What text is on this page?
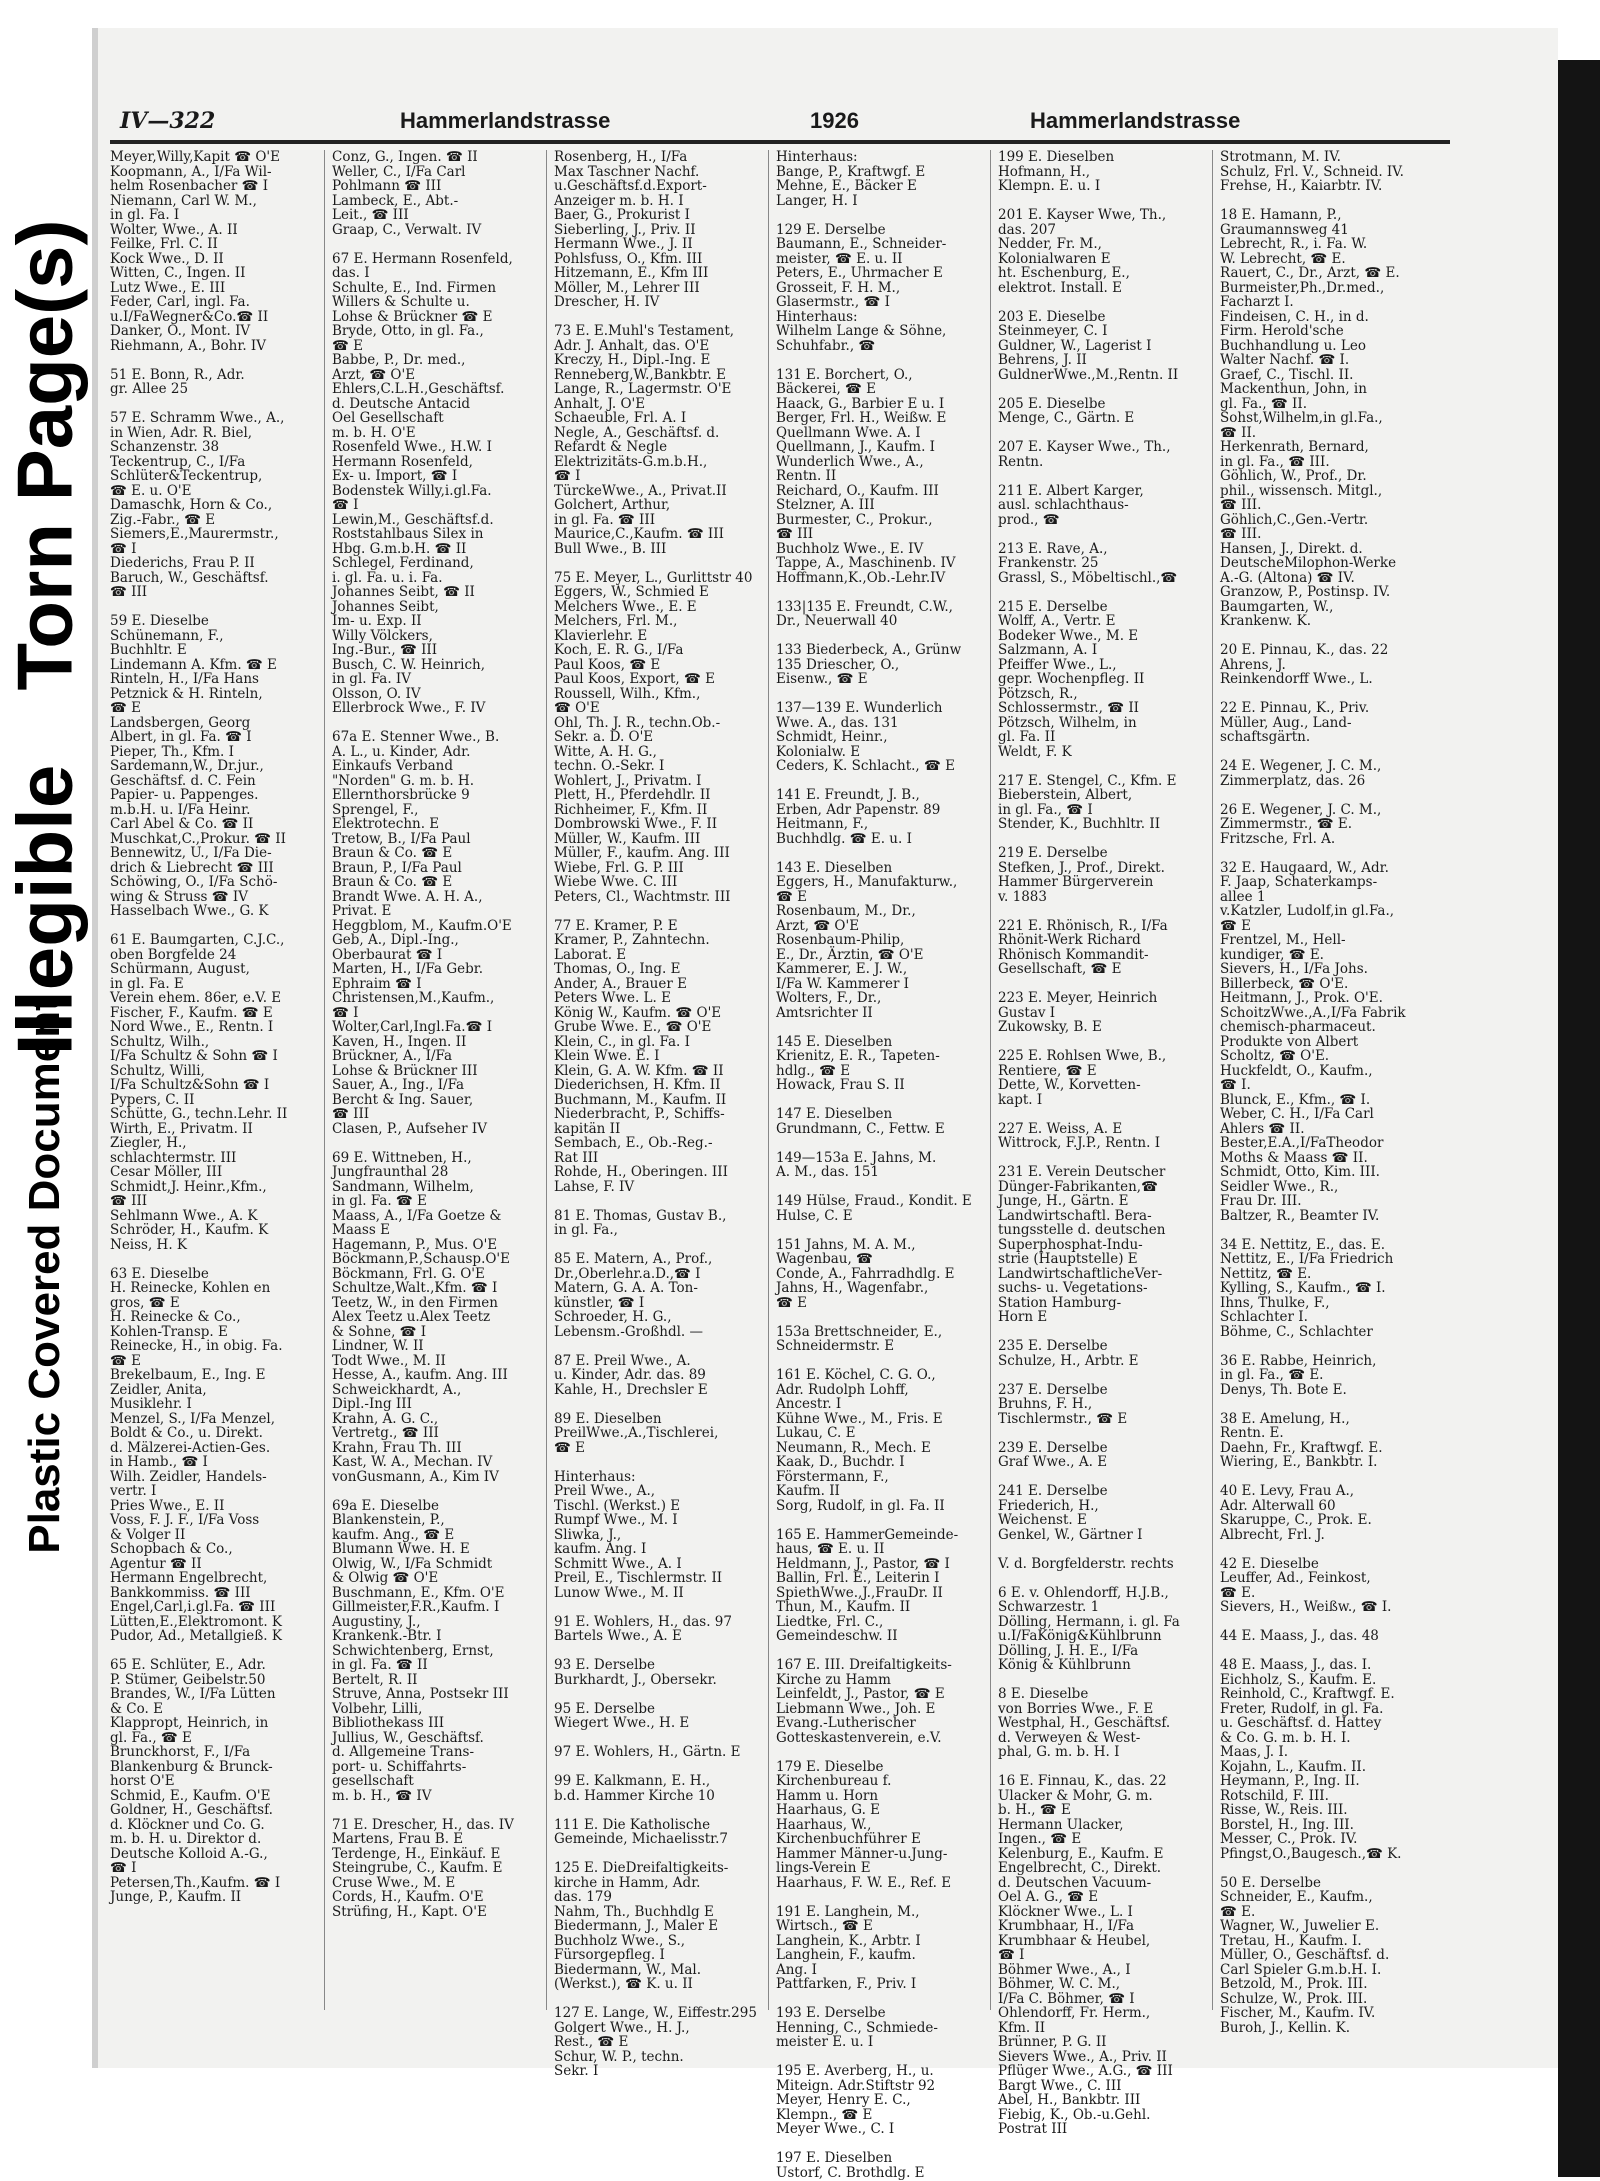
Plastic Covered Document
Illegible
Torn Page(s)
IV—322	Hammerlandstrasse	1926	Hammerlandstrasse
Meyer,Willy,Kapit ☎ O'E
Koopmann, A., I/Fa Wil-
helm Rosenbacher ☎ I
Niemann, Carl W. M.,
in gl. Fa. I
Wolter, Wwe., A. II
Feilke, Frl. C. II
Kock Wwe., D. II
Witten, C., Ingen. II
Lutz Wwe., E. III
Feder, Carl, ingl. Fa.
u.I/FaWegner&Co.☎ II
Danker, O., Mont. IV
Riehmann, A., Bohr. IV

51 E. Bonn, R., Adr.
gr. Allee 25

57 E. Schramm Wwe., A.,
in Wien, Adr. R. Biel,
Schanzenstr. 38
Teckentrup, C., I/Fa
Schlüter&Teckentrup,
☎ E. u. O'E
Damaschk, Horn & Co.,
Zig.-Fabr., ☎ E
Siemers,E.,Maurermstr.,
☎ I
Diederichs, Frau P. II
Baruch, W., Geschäftsf.
☎ III

59 E. Dieselbe
Schünemann, F.,
Buchhltr. E
Lindemann A. Kfm. ☎ E
Rinteln, H., I/Fa Hans
Petznick & H. Rinteln,
☎ E
Landsbergen, Georg
Albert, in gl. Fa. ☎ I
Pieper, Th., Kfm. I
Sardemann,W., Dr.jur.,
Geschäftsf. d. C. Fein
Papier- u. Pappenges.
m.b.H. u. I/Fa Heinr.
Carl Abel & Co. ☎ II
Muschkat,C.,Prokur. ☎ II
Bennewitz, U., I/Fa Die-
drich & Liebrecht ☎ III
Schöwing, O., I/Fa Schö-
wing & Struss ☎ IV
Hasselbach Wwe., G. K

61 E. Baumgarten, C.J.C.,
oben Borgfelde 24
Schürmann, August,
in gl. Fa. E
Verein ehem. 86er, e.V. E
Fischer, F., Kaufm. ☎ E
Nord Wwe., E., Rentn. I
Schultz, Wilh.,
I/Fa Schultz & Sohn ☎ I
Schultz, Willi,
I/Fa Schultz&Sohn ☎ I
Pypers, C. II
Schütte, G., techn.Lehr. II
Wirth, E., Privatm. II
Ziegler, H.,
schlachtermstr. III
Cesar Möller, III
Schmidt,J. Heinr.,Kfm.,
☎ III
Sehlmann Wwe., A. K
Schröder, H., Kaufm. K
Neiss, H. K

63 E. Dieselbe
H. Reinecke, Kohlen en
gros, ☎ E
H. Reinecke & Co.,
Kohlen-Transp. E
Reinecke, H., in obig. Fa.
☎ E
Brekelbaum, E., Ing. E
Zeidler, Anita,
Musiklehr. I
Menzel, S., I/Fa Menzel,
Boldt & Co., u. Direkt.
d. Mälzerei-Actien-Ges.
in Hamb., ☎ I
Wilh. Zeidler, Handels-
vertr. I
Pries Wwe., E. II
Voss, F. J. F., I/Fa Voss
& Volger II
Schopbach & Co.,
Agentur ☎ II
Hermann Engelbrecht,
Bankkommiss. ☎ III
Engel,Carl,i.gl.Fa. ☎ III
Lütten,E.,Elektromont. K
Pudor, Ad., Metallgieß. K

65 E. Schlüter, E., Adr.
P. Stümer, Geibelstr.50
Brandes, W., I/Fa Lütten
& Co. E
Klappropt, Heinrich, in
gl. Fa., ☎ E
Brunckhorst, F., I/Fa
Blankenburg & Brunck-
horst O'E
Schmid, E., Kaufm. O'E
Goldner, H., Geschäftsf.
d. Klöckner und Co. G.
m. b. H. u. Direktor d.
Deutsche Kolloid A.-G.,
☎ I
Petersen,Th.,Kaufm. ☎ I
Junge, P., Kaufm. II
Conz, G., Ingen. ☎ II
Weller, C., I/Fa Carl
Pohlmann ☎ III
Lambeck, E., Abt.-
Leit., ☎ III
Graap, C., Verwalt. IV

67 E. Hermann Rosenfeld,
das. I
Schulte, E., Ind. Firmen
Willers & Schulte u.
Lohse & Brückner ☎ E
Bryde, Otto, in gl. Fa.,
☎ E
Babbe, P., Dr. med.,
Arzt, ☎ O'E
Ehlers,C.L.H.,Geschäftsf.
d. Deutsche Antacid
Oel Gesellschaft
m. b. H. O'E
Rosenfeld Wwe., H.W. I
Hermann Rosenfeld,
Ex- u. Import, ☎ I
Bodenstek Willy,i.gl.Fa.
☎ I
Lewin,M., Geschäftsf.d.
Roststahlbaus Silex in
Hbg. G.m.b.H. ☎ II
Schlegel, Ferdinand,
i. gl. Fa. u. i. Fa.
Johannes Seibt, ☎ II
Johannes Seibt,
Im- u. Exp. II
Willy Völckers,
Ing.-Bur., ☎ III
Busch, C. W. Heinrich,
in gl. Fa. IV
Olsson, O. IV
Ellerbrock Wwe., F. IV

67a E. Stenner Wwe., B.
A. L., u. Kinder, Adr.
Einkaufs Verband
"Norden" G. m. b. H.
Ellernthorsbrücke 9
Sprengel, F.,
Elektrotechn. E
Tretow, B., I/Fa Paul
Braun & Co. ☎ E
Braun, P., I/Fa Paul
Braun & Co. ☎ E
Brandt Wwe. A. H. A.,
Privat. E
Heggblom, M., Kaufm.O'E
Geb, A., Dipl.-Ing.,
Oberbaurat ☎ I
Marten, H., I/Fa Gebr.
Ephraim ☎ I
Christensen,M.,Kaufm.,
☎ I
Wolter,Carl,Ingl.Fa.☎ I
Kaven, H., Ingen. II
Brückner, A., I/Fa
Lohse & Brückner III
Sauer, A., Ing., I/Fa
Bercht & Ing. Sauer,
☎ III
Clasen, P., Aufseher IV

69 E. Wittneben, H.,
Jungfraunthal 28
Sandmann, Wilhelm,
in gl. Fa. ☎ E
Maass, A., I/Fa Goetze &
Maass E
Hagemann, P., Mus. O'E
Böckmann,P.,Schausp.O'E
Böckmann, Frl. G. O'E
Schultze,Walt.,Kfm. ☎ I
Teetz, W., in den Firmen
Alex Teetz u.Alex Teetz
& Sohne, ☎ I
Lindner, W. II
Todt Wwe., M. II
Hesse, A., kaufm. Ang. III
Schweickhardt, A.,
Dipl.-Ing III
Krahn, A. G. C.,
Vertretg., ☎ III
Krahn, Frau Th. III
Kast, W. A., Mechan. IV
vonGusmann, A., Kim IV

69a E. Dieselbe
Blankenstein, P.,
kaufm. Ang., ☎ E
Blumann Wwe. H. E
Olwig, W., I/Fa Schmidt
& Olwig ☎ O'E
Buschmann, E., Kfm. O'E
Gillmeister,F.R.,Kaufm. I
Augustiny, J.,
Krankenk.-Btr. I
Schwichtenberg, Ernst,
in gl. Fa. ☎ II
Bertelt, R. II
Struve, Anna, Postsekr III
Volbehr, Lilli,
Bibliothekass III
Jullius, W., Geschäftsf.
d. Allgemeine Trans-
port- u. Schiffahrts-
gesellschaft
m. b. H., ☎ IV

71 E. Drescher, H., das. IV
Martens, Frau B. E
Terdenge, H., Einkäuf. E
Steingrube, C., Kaufm. E
Cruse Wwe., M. E
Cords, H., Kaufm. O'E
Strüfing, H., Kapt. O'E
Rosenberg, H., I/Fa
Max Taschner Nachf.
u.Geschäftsf.d.Export-
Anzeiger m. b. H. I
Baer, G., Prokurist I
Sieberling, J., Priv. II
Hermann Wwe., J. II
Pohlsfuss, O., Kfm. III
Hitzemann, E., Kfm III
Möller, M., Lehrer III
Drescher, H. IV

73 E. E.Muhl's Testament,
Adr. J. Anhalt, das. O'E
Kreczy, H., Dipl.-Ing. E
Renneberg,W.,Bankbtr. E
Lange, R., Lagermstr. O'E
Anhalt, J. O'E
Schaeuble, Frl. A. I
Negle, A., Geschäftsf. d.
Refardt & Negle
Elektrizitäts-G.m.b.H.,
☎ I
TürckeWwe., A., Privat.II
Golchert, Arthur,
in gl. Fa. ☎ III
Maurice,C.,Kaufm. ☎ III
Bull Wwe., B. III

75 E. Meyer, L., Gurlittstr 40
Eggers, W., Schmied E
Melchers Wwe., E. E
Melchers, Frl. M.,
Klavierlehr. E
Koch, E. R. G., I/Fa
Paul Koos, ☎ E
Paul Koos, Export, ☎ E
Roussell, Wilh., Kfm.,
☎ O'E
Ohl, Th. J. R., techn.Ob.-
Sekr. a. D. O'E
Witte, A. H. G.,
techn. O.-Sekr. I
Wohlert, J., Privatm. I
Plett, H., Pferdehdlr. II
Richheimer, F., Kfm. II
Dombrowski Wwe., F. II
Müller, W., Kaufm. III
Müller, F., kaufm. Ang. III
Wiebe, Frl. G. P. III
Wiebe Wwe. C. III
Peters, Cl., Wachtmstr. III

77 E. Kramer, P. E
Kramer, P., Zahntechn.
Laborat. E
Thomas, O., Ing. E
Ander, A., Brauer E
Peters Wwe. L. E
König W., Kaufm. ☎ O'E
Grube Wwe. E., ☎ O'E
Klein, C., in gl. Fa. I
Klein Wwe. E. I
Klein, G. A. W. Kfm. ☎ II
Diederichsen, H. Kfm. II
Buchmann, M., Kaufm. II
Niederbracht, P., Schiffs-
kapitän II
Sembach, E., Ob.-Reg.-
Rat III
Rohde, H., Oberingen. III
Lahse, F. IV

81 E. Thomas, Gustav B.,
in gl. Fa.,

85 E. Matern, A., Prof.,
Dr.,Oberlehr.a.D.,☎ I
Matern, G. A. A. Ton-
künstler, ☎ I
Schroeder, H. G.,
Lebensm.-Großhdl. —

87 E. Preil Wwe., A.
u. Kinder, Adr. das. 89
Kahle, H., Drechsler E

89 E. Dieselben
PreilWwe.,A.,Tischlerei,
☎ E

Hinterhaus:
Preil Wwe., A.,
Tischl. (Werkst.) E
Rumpf Wwe., M. I
Sliwka, J.,
kaufm. Ang. I
Schmitt Wwe., A. I
Preil, E., Tischlermstr. II
Lunow Wwe., M. II

91 E. Wohlers, H., das. 97
Bartels Wwe., A. E

93 E. Derselbe
Burkhardt, J., Obersekr.

95 E. Derselbe
Wiegert Wwe., H. E

97 E. Wohlers, H., Gärtn. E

99 E. Kalkmann, E. H.,
b.d. Hammer Kirche 10

111 E. Die Katholische
Gemeinde, Michaelisstr.7

125 E. DieDreifaltigkeits-
kirche in Hamm, Adr.
das. 179
Nahm, Th., Buchhdlg E
Biedermann, J., Maler E
Buchholz Wwe., S.,
Fürsorgepfleg. I
Biedermann, W., Mal.
(Werkst.), ☎ K. u. II

127 E. Lange, W., Eiffestr.295
Golgert Wwe., H. J.,
Rest., ☎ E
Schur, W. P., techn.
Sekr. I
Hinterhaus:
Bange, P., Kraftwgf. E
Mehne, E., Bäcker E
Langer, H. I

129 E. Derselbe
Baumann, E., Schneider-
meister, ☎ E. u. II
Peters, E., Uhrmacher E
Grosseit, F. H. M.,
Glasermstr., ☎ I
Hinterhaus:
Wilhelm Lange & Söhne,
Schuhfabr., ☎

131 E. Borchert, O.,
Bäckerei, ☎ E
Haack, G., Barbier E u. I
Berger, Frl. H., Weißw. E
Quellmann Wwe. A. I
Quellmann, J., Kaufm. I
Wunderlich Wwe., A.,
Rentn. II
Reichard, O., Kaufm. III
Stelzner, A. III
Burmester, C., Prokur.,
☎ III
Buchholz Wwe., E. IV
Tappe, A., Maschinenb. IV
Hoffmann,K.,Ob.-Lehr.IV

133|135 E. Freundt, C.W.,
Dr., Neuerwall 40

133 Biederbeck, A., Grünw
135 Driescher, O.,
Eisenw., ☎ E

137—139 E. Wunderlich
Wwe. A., das. 131
Schmidt, Heinr.,
Kolonialw. E
Ceders, K. Schlacht., ☎ E

141 E. Freundt, J. B.,
Erben, Adr Papenstr. 89
Heitmann, F.,
Buchhdlg. ☎ E. u. I

143 E. Dieselben
Eggers, H., Manufakturw.,
☎ E
Rosenbaum, M., Dr.,
Arzt, ☎ O'E
Rosenbaum-Philip,
E., Dr., Ärztin, ☎ O'E
Kammerer, E. J. W.,
I/Fa W. Kammerer I
Wolters, F., Dr.,
Amtsrichter II

145 E. Dieselben
Krienitz, E. R., Tapeten-
hdlg., ☎ E
Howack, Frau S. II

147 E. Dieselben
Grundmann, C., Fettw. E

149—153a E. Jahns, M.
A. M., das. 151

149 Hülse, Fraud., Kondit. E
Hulse, C. E

151 Jahns, M. A. M.,
Wagenbau, ☎
Conde, A., Fahrradhdlg. E
Jahns, H., Wagenfabr.,
☎ E

153a Brettschneider, E.,
Schneidermstr. E

161 E. Köchel, C. G. O.,
Adr. Rudolph Lohff,
Ancestr. I
Kühne Wwe., M., Fris. E
Lukau, C. E
Neumann, R., Mech. E
Kaak, D., Buchdr. I
Förstermann, F.,
Kaufm. II
Sorg, Rudolf, in gl. Fa. II

165 E. HammerGemeinde-
haus, ☎ E. u. II
Heldmann, J., Pastor, ☎ I
Ballin, Frl. E., Leiterin I
SpiethWwe.,J.,FrauDr. II
Thun, M., Kaufm. II
Liedtke, Frl. C.,
Gemeindeschw. II

167 E. III. Dreifaltigkeits-
Kirche zu Hamm
Leinfeldt, J., Pastor, ☎ E
Liebmann Wwe., Joh. E
Evang.-Lutherischer
Gotteskastenverein, e.V.

179 E. Dieselbe
Kirchenbureau f.
Hamm u. Horn
Haarhaus, G. E
Haarhaus, W.,
Kirchenbuchführer E
Hammer Männer-u.Jung-
lings-Verein E
Haarhaus, F. W. E., Ref. E

191 E. Langhein, M.,
Wirtsch., ☎ E
Langhein, K., Arbtr. I
Langhein, F., kaufm.
Ang. I
Pattfarken, F., Priv. I

193 E. Derselbe
Henning, C., Schmiede-
meister E. u. I

195 E. Averberg, H., u.
Miteign. Adr.Stiftstr 92
Meyer, Henry E. C.,
Klempn., ☎ E
Meyer Wwe., C. I

197 E. Dieselben
Ustorf, C. Brothdlg. E
199 E. Dieselben
Hofmann, H.,
Klempn. E. u. I

201 E. Kayser Wwe, Th.,
das. 207
Nedder, Fr. M.,
Kolonialwaren E
ht. Eschenburg, E.,
elektrot. Install. E

203 E. Dieselbe
Steinmeyer, C. I
Guldner, W., Lagerist I
Behrens, J. II
GuldnerWwe.,M.,Rentn. II

205 E. Dieselbe
Menge, C., Gärtn. E

207 E. Kayser Wwe., Th.,
Rentn.

211 E. Albert Karger,
ausl. schlachthaus-
prod., ☎

213 E. Rave, A.,
Frankenstr. 25
Grassl, S., Möbeltischl.,☎

215 E. Derselbe
Wolff, A., Vertr. E
Bodeker Wwe., M. E
Salzmann, A. I
Pfeiffer Wwe., L.,
gepr. Wochenpfleg. II
Pötzsch, R.,
Schlossermstr., ☎ II
Pötzsch, Wilhelm, in
gl. Fa. II
Weldt, F. K

217 E. Stengel, C., Kfm. E
Bieberstein, Albert,
in gl. Fa., ☎ I
Stender, K., Buchhltr. II

219 E. Derselbe
Stefken, J., Prof., Direkt.
Hammer Bürgerverein
v. 1883

221 E. Rhönisch, R., I/Fa
Rhönit-Werk Richard
Rhönisch Kommandit-
Gesellschaft, ☎ E

223 E. Meyer, Heinrich
Gustav I
Zukowsky, B. E

225 E. Rohlsen Wwe, B.,
Rentiere, ☎ E
Dette, W., Korvetten-
kapt. I

227 E. Weiss, A. E
Wittrock, F.J.P., Rentn. I

231 E. Verein Deutscher
Dünger-Fabrikanten,☎
Junge, H., Gärtn. E
Landwirtschaftl. Bera-
tungsstelle d. deutschen
Superphosphat-Indu-
strie (Hauptstelle) E
LandwirtschaftlicheVer-
suchs- u. Vegetations-
Station Hamburg-
Horn E

235 E. Derselbe
Schulze, H., Arbtr. E

237 E. Derselbe
Bruhns, F. H.,
Tischlermstr., ☎ E

239 E. Derselbe
Graf Wwe., A. E

241 E. Derselbe
Friederich, H.,
Weichenst. E
Genkel, W., Gärtner I

V. d. Borgfelderstr. rechts

6 E. v. Ohlendorff, H.J.B.,
Schwarzestr. 1
Dölling, Hermann, i. gl. Fa
u.I/FaKönig&Kühlbrunn
Dölling, J. H. E., I/Fa
König & Kühlbrunn

8 E. Dieselbe
von Borries Wwe., F. E
Westphal, H., Geschäftsf.
d. Verweyen & West-
phal, G. m. b. H. I

16 E. Finnau, K., das. 22
Ulacker & Mohr, G. m.
b. H., ☎ E
Hermann Ulacker,
Ingen., ☎ E
Kelenburg, E., Kaufm. E
Engelbrecht, C., Direkt.
d. Deutschen Vacuum-
Oel A. G., ☎ E
Klöckner Wwe., L. I
Krumbhaar, H., I/Fa
Krumbhaar & Heubel,
☎ I
Böhmer Wwe., A., I
Böhmer, W. C. M.,
I/Fa C. Böhmer, ☎ I
Ohlendorff, Fr. Herm.,
Kfm. II
Brünner, P. G. II
Sievers Wwe., A., Priv. II
Pflüger Wwe., A.G., ☎ III
Bargt Wwe., C. III
Abel, H., Bankbtr. III
Fiebig, K., Ob.-u.Gehl.
Postrat III
Strotmann, M. IV.
Schulz, Frl. V., Schneid. IV.
Frehse, H., Kaiarbtr. IV.

18 E. Hamann, P.,
Graumannsweg 41
Lebrecht, R., i. Fa. W.
W. Lebrecht, ☎ E.
Rauert, C., Dr., Arzt, ☎ E.
Burmeister,Ph.,Dr.med.,
Facharzt I.
Findeisen, C. H., in d.
Firm. Herold'sche
Buchhandlung u. Leo
Walter Nachf. ☎ I.
Graef, C., Tischl. II.
Mackenthun, John, in
gl. Fa., ☎ II.
Sohst,Wilhelm,in gl.Fa.,
☎ II.
Herkenrath, Bernard,
in gl. Fa., ☎ III.
Göhlich, W., Prof., Dr.
phil., wissensch. Mitgl.,
☎ III.
Göhlich,C.,Gen.-Vertr.
☎ III.
Hansen, J., Direkt. d.
DeutscheMilophon-Werke
A.-G. (Altona) ☎ IV.
Granzow, P., Postinsp. IV.
Baumgarten, W.,
Krankenw. K.

20 E. Pinnau, K., das. 22
Ahrens, J.
Reinkendorff Wwe., L.

22 E. Pinnau, K., Priv.
Müller, Aug., Land-
schaftsgärtn.

24 E. Wegener, J. C. M.,
Zimmerplatz, das. 26

26 E. Wegener, J. C. M.,
Zimmermstr., ☎ E.
Fritzsche, Frl. A.

32 E. Haugaard, W., Adr.
F. Jaap, Schaterkamps-
allee 1
v.Katzler, Ludolf,in gl.Fa.,
☎ E
Frentzel, M., Hell-
kundiger, ☎ E.
Sievers, H., I/Fa Johs.
Billerbeck, ☎ O'E.
Heitmann, J., Prok. O'E.
SchoitzWwe.,A.,I/Fa Fabrik
chemisch-pharmaceut.
Produkte von Albert
Scholtz, ☎ O'E.
Huckfeldt, O., Kaufm.,
☎ I.
Blunck, E., Kfm., ☎ I.
Weber, C. H., I/Fa Carl
Ahlers ☎ II.
Bester,E.A.,I/FaTheodor
Moths & Maass ☎ II.
Schmidt, Otto, Kim. III.
Seidler Wwe., R.,
Frau Dr. III.
Baltzer, R., Beamter IV.

34 E. Nettitz, E., das. E.
Nettitz, E., I/Fa Friedrich
Nettitz, ☎ E.
Kylling, S., Kaufm., ☎ I.
Ihns, Thulke, F.,
Schlachter I.
Böhme, C., Schlachter

36 E. Rabbe, Heinrich,
in gl. Fa., ☎ E.
Denys, Th. Bote E.

38 E. Amelung, H.,
Rentn. E.
Daehn, Fr., Kraftwgf. E.
Wiering, E., Bankbtr. I.

40 E. Levy, Frau A.,
Adr. Alterwall 60
Skaruppe, C., Prok. E.
Albrecht, Frl. J.

42 E. Dieselbe
Leuffer, Ad., Feinkost,
☎ E.
Sievers, H., Weißw., ☎ I.

44 E. Maass, J., das. 48

48 E. Maass, J., das. I.
Eichholz, S., Kaufm. E.
Reinhold, C., Kraftwgf. E.
Freter, Rudolf, in gl. Fa.
u. Geschäftsf. d. Hattey
& Co. G. m. b. H. I.
Maas, J. I.
Kojahn, L., Kaufm. II.
Heymann, P., Ing. II.
Rotschild, F. III.
Risse, W., Reis. III.
Borstel, H., Ing. III.
Messer, C., Prok. IV.
Pfingst,O.,Baugesch.,☎ K.

50 E. Derselbe
Schneider, E., Kaufm.,
☎ E.
Wagner, W., Juwelier E.
Tretau, H., Kaufm. I.
Müller, O., Geschäftsf. d.
Carl Spieler G.m.b.H. I.
Betzold, M., Prok. III.
Schulze, W., Prok. III.
Fischer, M., Kaufm. IV.
Buroh, J., Kellin. K.
